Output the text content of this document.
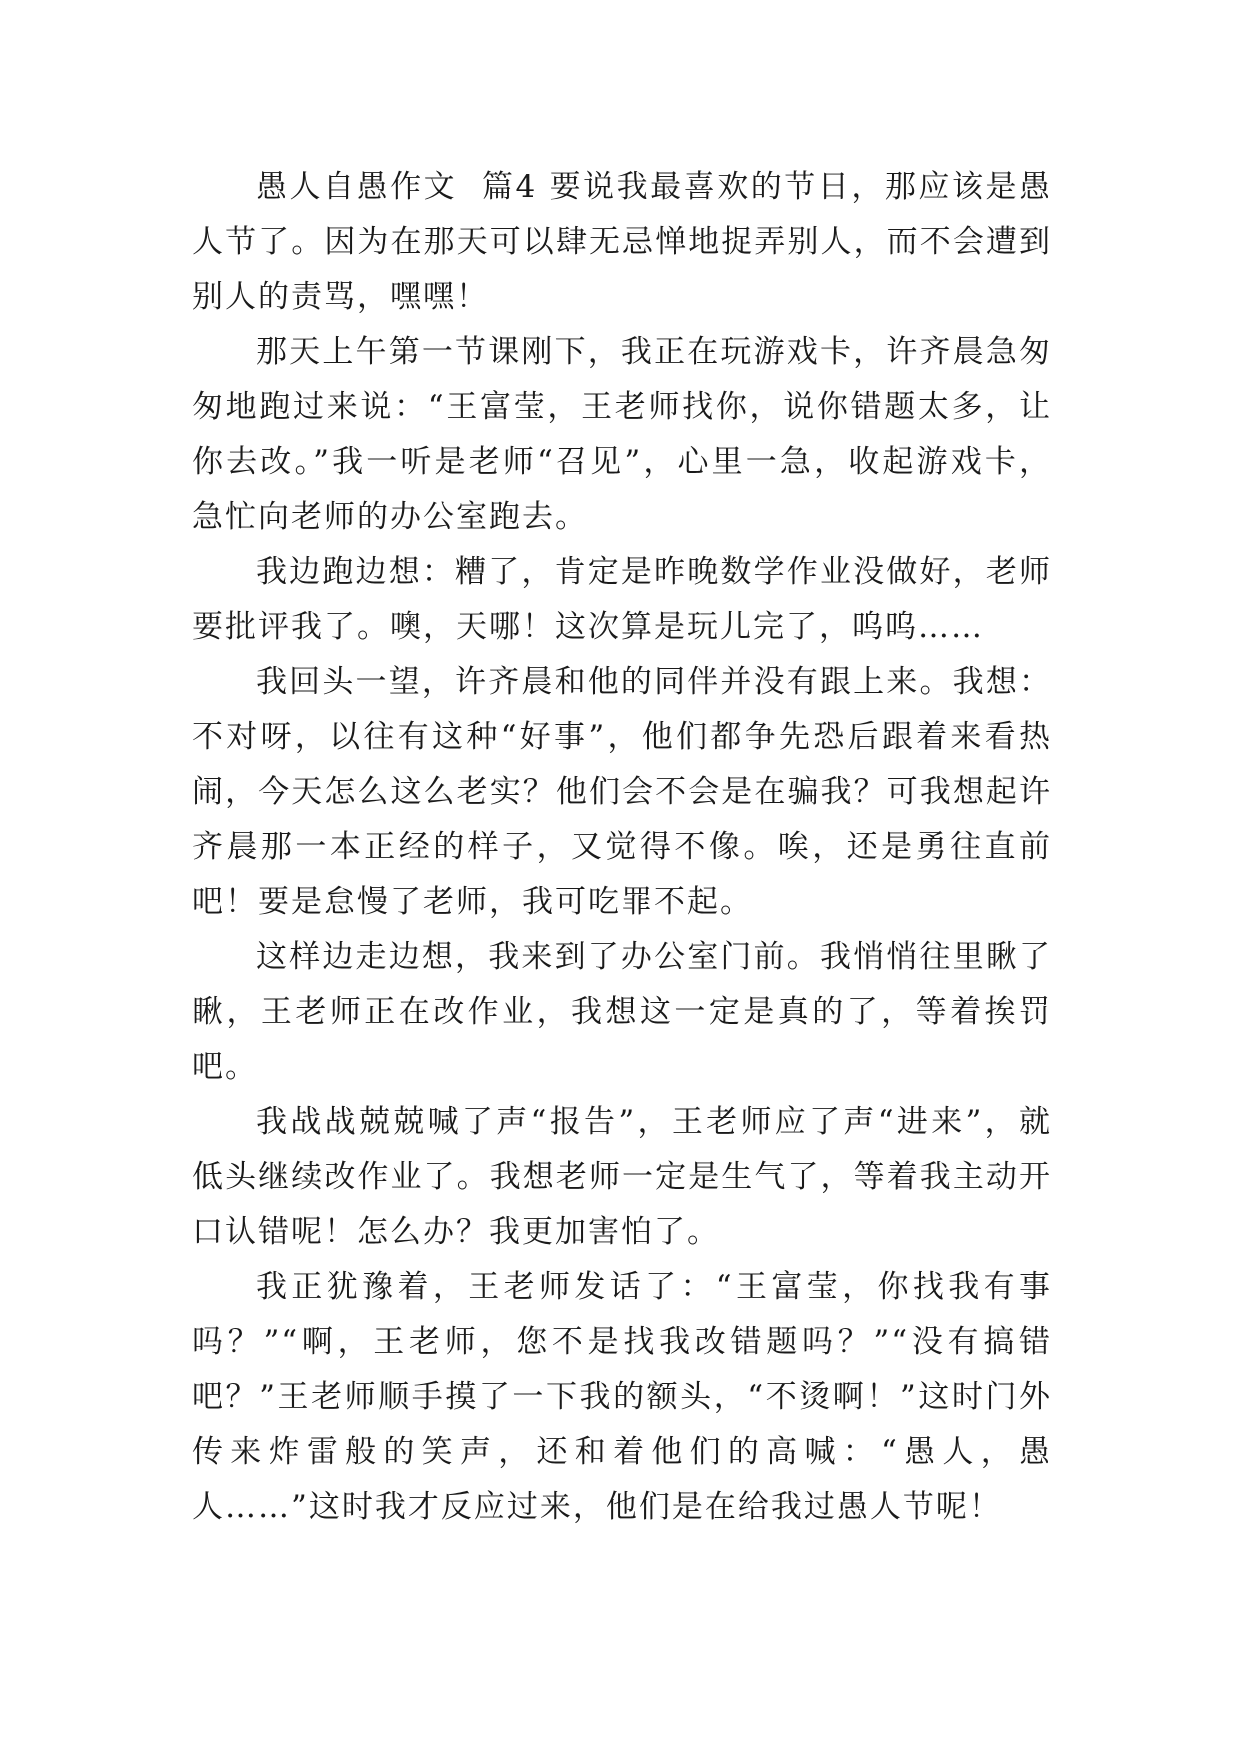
愚人自愚作文  篇4 要说我最喜欢的节日，那应该是愚人节了。因为在那天可以肆无忌惮地捉弄别人，而不会遭到别人的责骂，嘿嘿！

那天上午第一节课刚下，我正在玩游戏卡，许齐晨急匆匆地跑过来说：“王富莹，王老师找你，说你错题太多，让你去改。”我一听是老师“召见”，心里一急，收起游戏卡，急忙向老师的办公室跑去。

我边跑边想：糟了，肯定是昨晚数学作业没做好，老师要批评我了。噢，天哪！这次算是玩儿完了，呜呜……

我回头一望，许齐晨和他的同伴并没有跟上来。我想：不对呀，以往有这种“好事”，他们都争先恐后跟着来看热闹，今天怎么这么老实？他们会不会是在骗我？可我想起许齐晨那一本正经的样子，又觉得不像。唉，还是勇往直前吧！要是怠慢了老师，我可吃罪不起。

这样边走边想，我来到了办公室门前。我悄悄往里瞅了瞅，王老师正在改作业，我想这一定是真的了，等着挨罚吧。

我战战兢兢喊了声“报告”，王老师应了声“进来”，就低头继续改作业了。我想老师一定是生气了，等着我主动开口认错呢！怎么办？我更加害怕了。

我正犹豫着，王老师发话了：“王富莹，你找我有事吗？”“啊，王老师，您不是找我改错题吗？”“没有搞错吧？”王老师顺手摸了一下我的额头，“不烫啊！”这时门外传来炸雷般的笑声，还和着他们的高喊：“愚人，愚人……”这时我才反应过来，他们是在给我过愚人节呢！
